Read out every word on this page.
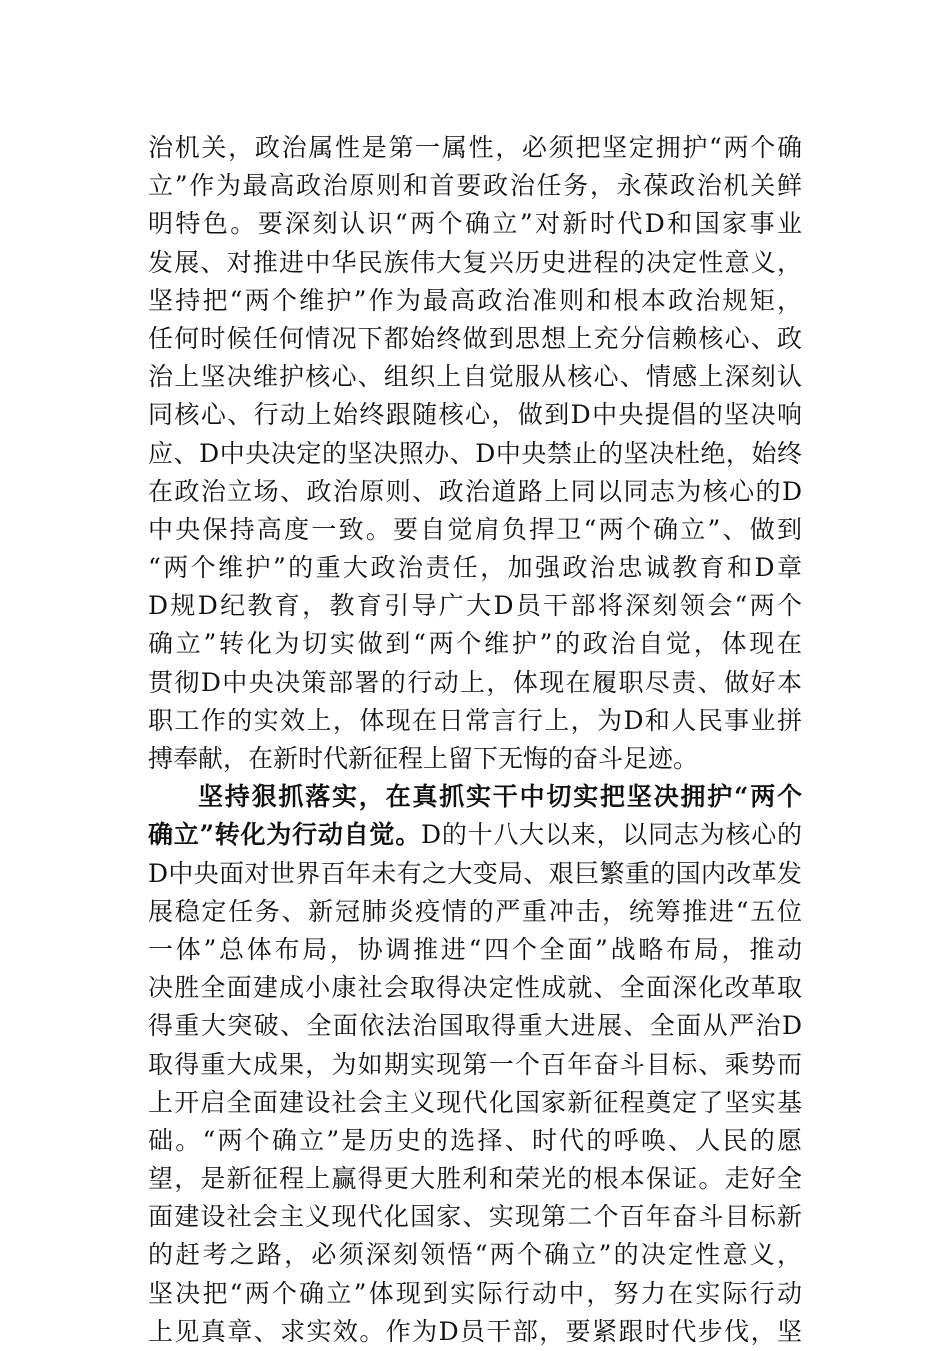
治机关，政治属性是第一属性，必须把坚定拥护“两个确
立”作为最高政治原则和首要政治任务，永葆政治机关鲜
明特色。要深刻认识“两个确立”对新时代D和国家事业
发展、对推进中华民族伟大复兴历史进程的决定性意义，
坚持把“两个维护”作为最高政治准则和根本政治规矩，
任何时候任何情况下都始终做到思想上充分信赖核心、政
治上坚决维护核心、组织上自觉服从核心、情感上深刻认
同核心、行动上始终跟随核心，做到D中央提倡的坚决响
应、D中央决定的坚决照办、D中央禁止的坚决杜绝，始终
在政治立场、政治原则、政治道路上同以同志为核心的D
中央保持高度一致。要自觉肩负捍卫“两个确立”、做到
“两个维护”的重大政治责任，加强政治忠诚教育和D章
D规D纪教育，教育引导广大D员干部将深刻领会“两个
确立”转化为切实做到“两个维护”的政治自觉，体现在
贯彻D中央决策部署的行动上，体现在履职尽责、做好本
职工作的实效上，体现在日常言行上，为D和人民事业拼
搏奉献，在新时代新征程上留下无悔的奋斗足迹。
坚持狠抓落实，在真抓实干中切实把坚决拥护“两个
确立”转化为行动自觉。D的十八大以来，以同志为核心的
D中央面对世界百年未有之大变局、艰巨繁重的国内改革发
展稳定任务、新冠肺炎疫情的严重冲击，统筹推进“五位
一体”总体布局，协调推进“四个全面”战略布局，推动
决胜全面建成小康社会取得决定性成就、全面深化改革取
得重大突破、全面依法治国取得重大进展、全面从严治D
取得重大成果，为如期实现第一个百年奋斗目标、乘势而
上开启全面建设社会主义现代化国家新征程奠定了坚实基
础。“两个确立”是历史的选择、时代的呼唤、人民的愿
望，是新征程上赢得更大胜利和荣光的根本保证。走好全
面建设社会主义现代化国家、实现第二个百年奋斗目标新
的赶考之路，必须深刻领悟“两个确立”的决定性意义，
坚决把“两个确立”体现到实际行动中，努力在实际行动
上见真章、求实效。作为D员干部，要紧跟时代步伐，坚
